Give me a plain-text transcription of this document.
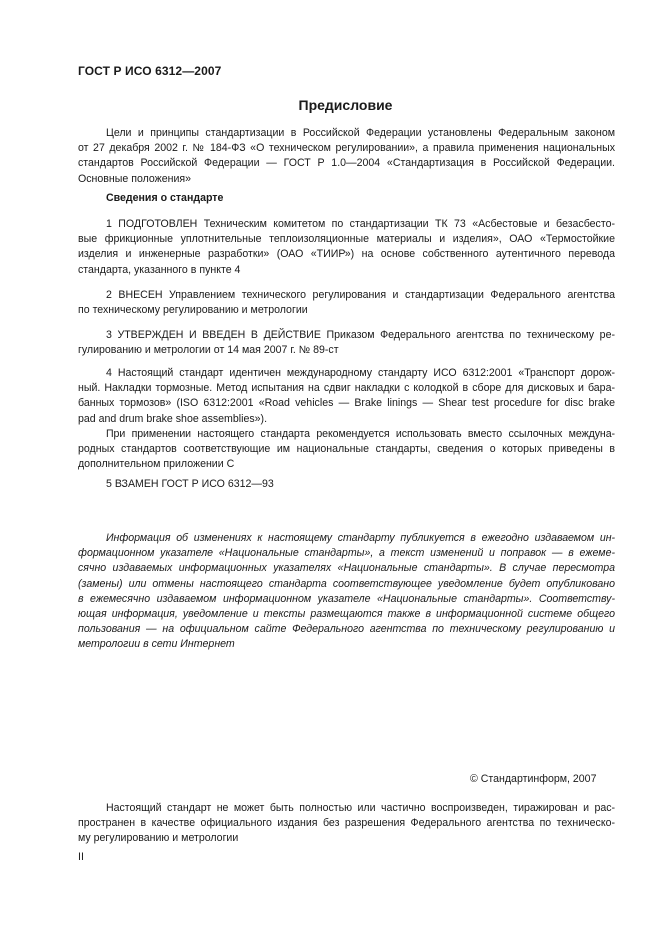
ГОСТ Р ИСО 6312—2007
Предисловие
Цели и принципы стандартизации в Российской Федерации установлены Федеральным законом
от 27 декабря 2002 г. № 184-ФЗ «О техническом регулировании», а правила применения национальных
стандартов Российской Федерации — ГОСТ Р 1.0—2004 «Стандартизация в Российской Федерации.
Основные положения»
Сведения о стандарте
1 ПОДГОТОВЛЕН Техническим комитетом по стандартизации ТК 73 «Асбестовые и безасбесто-
вые фрикционные уплотнительные теплоизоляционные материалы и изделия», ОАО «Термостойкие
изделия и инженерные разработки» (ОАО «ТИИР») на основе собственного аутентичного перевода
стандарта, указанного в пункте 4
2 ВНЕСЕН Управлением технического регулирования и стандартизации Федерального агентства
по техническому регулированию и метрологии
3 УТВЕРЖДЕН И ВВЕДЕН В ДЕЙСТВИЕ Приказом Федерального агентства по техническому ре-
гулированию и метрологии от 14 мая 2007 г. № 89-ст
4 Настоящий стандарт идентичен международному стандарту ИСО 6312:2001 «Транспорт дорож-
ный. Накладки тормозные. Метод испытания на сдвиг накладки с колодкой в сборе для дисковых и бара-
банных тормозов» (ISO 6312:2001 «Road vehicles — Brake linings — Shear test procedure for disc brake
pad and drum brake shoe assemblies»).
При применении настоящего стандарта рекомендуется использовать вместо ссылочных междуна-
родных стандартов соответствующие им национальные стандарты, сведения о которых приведены в
дополнительном приложении С
5 ВЗАМЕН ГОСТ Р ИСО 6312—93
Информация об изменениях к настоящему стандарту публикуется в ежегодно издаваемом ин-
формационном указателе «Национальные стандарты», а текст изменений и поправок — в ежеме-
сячно издаваемых информационных указателях «Национальные стандарты». В случае пересмотра
(замены) или отмены настоящего стандарта соответствующее уведомление будет опубликовано
в ежемесячно издаваемом информационном указателе «Национальные стандарты». Соответству-
ющая информация, уведомление и тексты размещаются также в информационной системе общего
пользования — на официальном сайте Федерального агентства по техническому регулированию и
метрологии в сети Интернет
© Стандартинформ, 2007
Настоящий стандарт не может быть полностью или частично воспроизведен, тиражирован и рас-
пространен в качестве официального издания без разрешения Федерального агентства по техническо-
му регулированию и метрологии
II
